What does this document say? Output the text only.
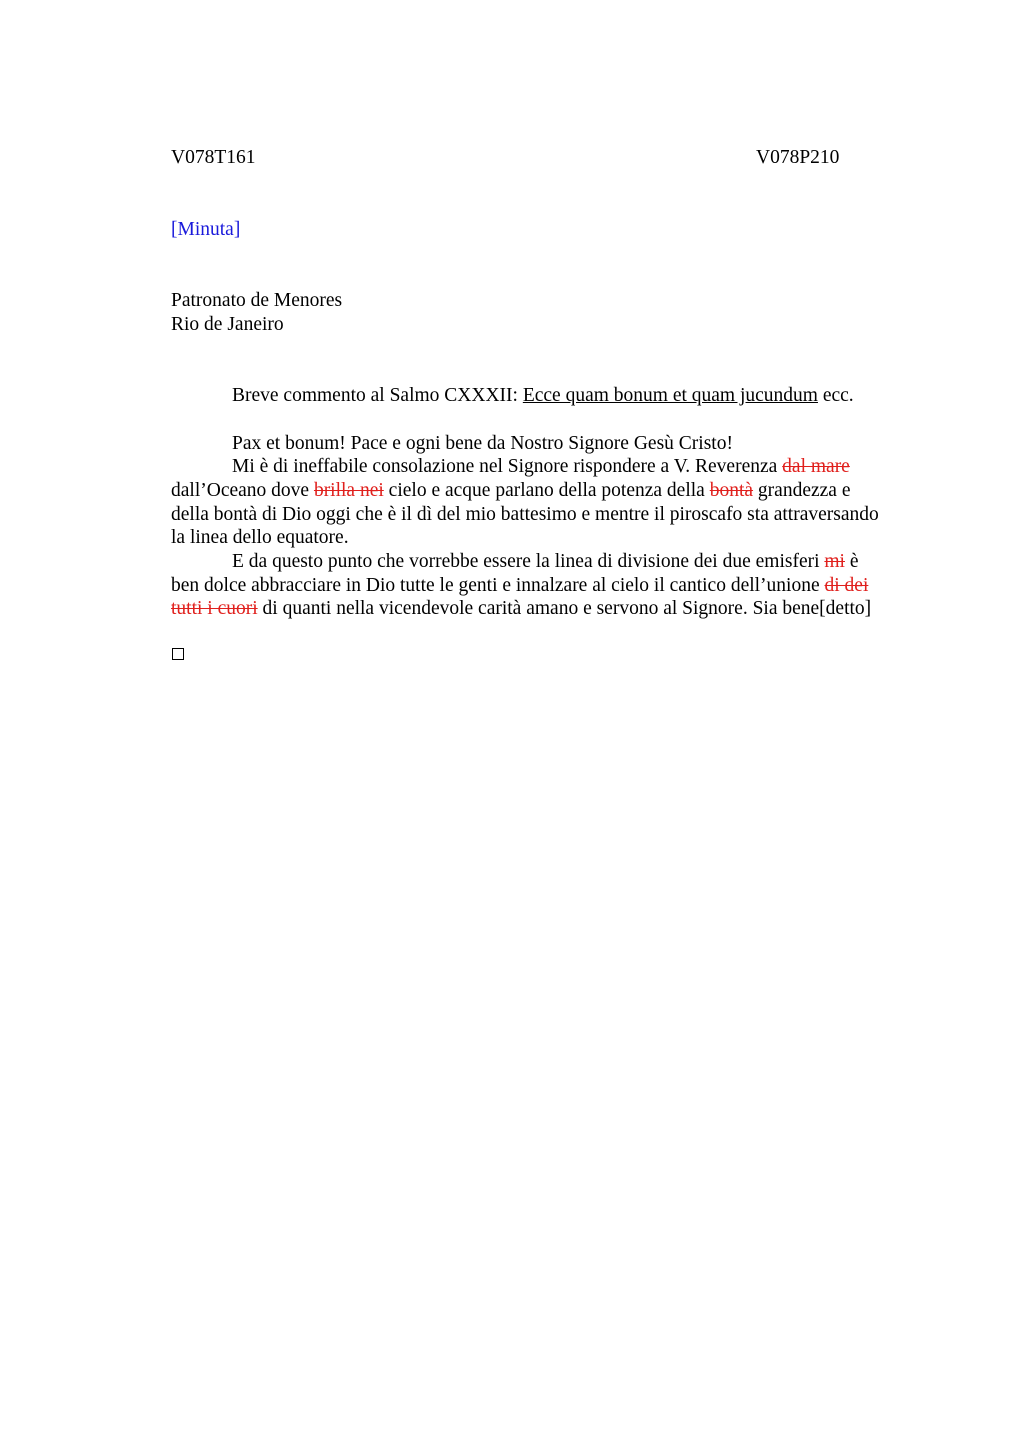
V078T161	V078P210
[Minuta]
Patronato de Menores
Rio de Janeiro
Breve commento al Salmo CXXXII: Ecce quam bonum et quam jucundum ecc.
Pax et bonum! Pace e ogni bene da Nostro Signore Gesù Cristo!
Mi è di ineffabile consolazione nel Signore rispondere a V. Reverenza dal mare
dall’Oceano dove brilla nei cielo e acque parlano della potenza della bontà grandezza e
della bontà di Dio oggi che è il dì del mio battesimo e mentre il piroscafo sta attraversando
la linea dello equatore.
E da questo punto che vorrebbe essere la linea di divisione dei due emisferi mi è
ben dolce abbracciare in Dio tutte le genti e innalzare al cielo il cantico dell’unione di dei
tutti i cuori di quanti nella vicendevole carità amano e servono al Signore. Sia bene[detto]
